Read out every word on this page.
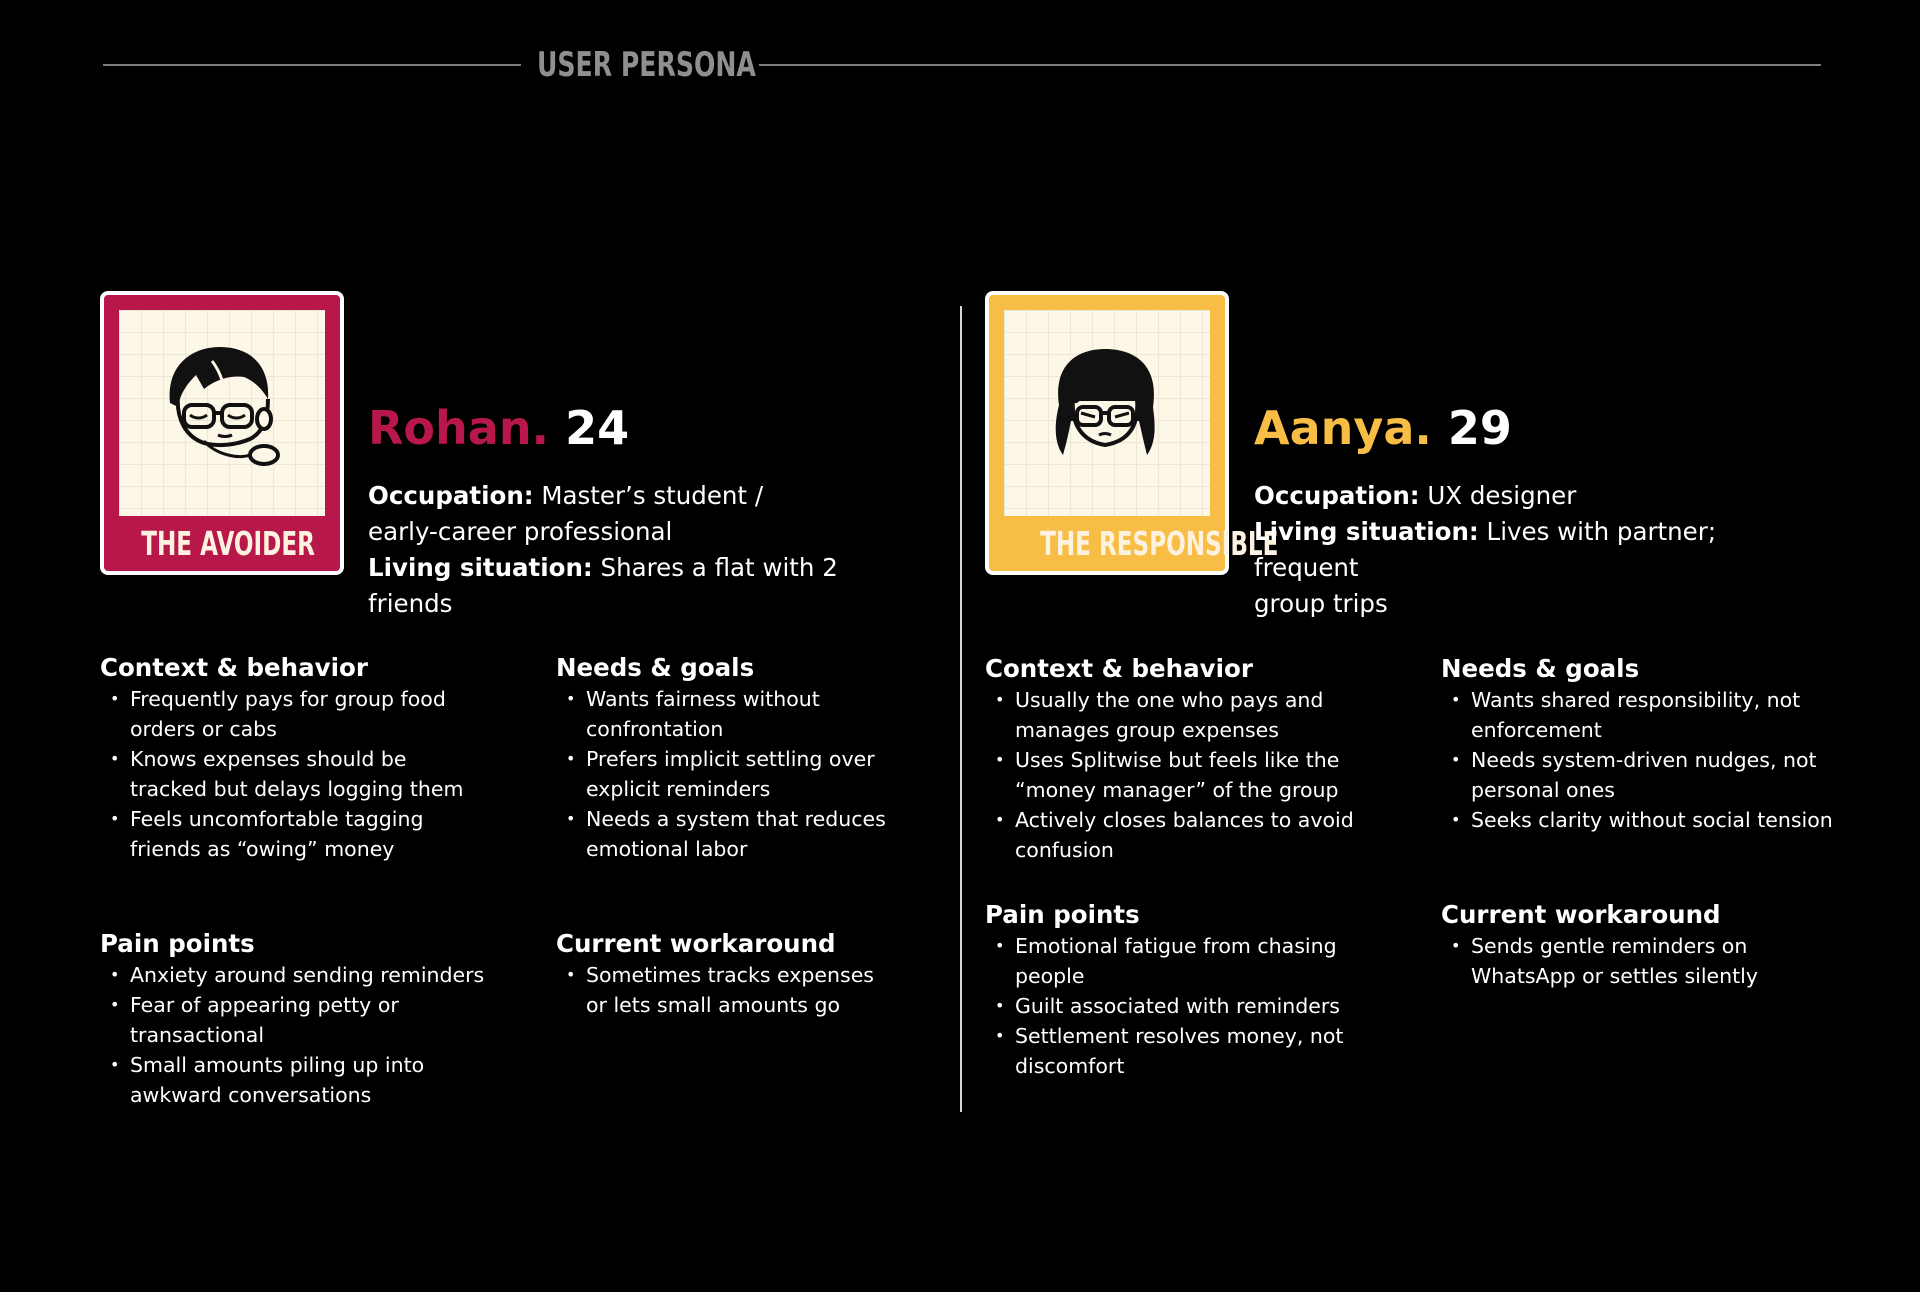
USER PERSONA
THE AVOIDER
Rohan. 24
Occupation: Master’s student /
early-career professional
Living situation: Shares a flat with 2 friends
Context & behavior
• Frequently pays for group food
orders or cabs
• Knows expenses should be
tracked but delays logging them
• Feels uncomfortable tagging
friends as “owing” money
Needs & goals
• Wants fairness without
confrontation
• Prefers implicit settling over
explicit reminders
• Needs a system that reduces
emotional labor
Pain points
• Anxiety around sending reminders
• Fear of appearing petty or
transactional
• Small amounts piling up into
awkward conversations
Current workaround
• Sometimes tracks expenses
or lets small amounts go
THE RESPONSIBLE
Aanya. 29
Occupation: UX designer
Living situation: Lives with partner; frequent
group trips
Context & behavior
• Usually the one who pays and
manages group expenses
• Uses Splitwise but feels like the
“money manager” of the group
• Actively closes balances to avoid
confusion
Needs & goals
• Wants shared responsibility, not
enforcement
• Needs system-driven nudges, not
personal ones
• Seeks clarity without social tension
Pain points
• Emotional fatigue from chasing
people
• Guilt associated with reminders
• Settlement resolves money, not
discomfort
Current workaround
• Sends gentle reminders on
WhatsApp or settles silently
